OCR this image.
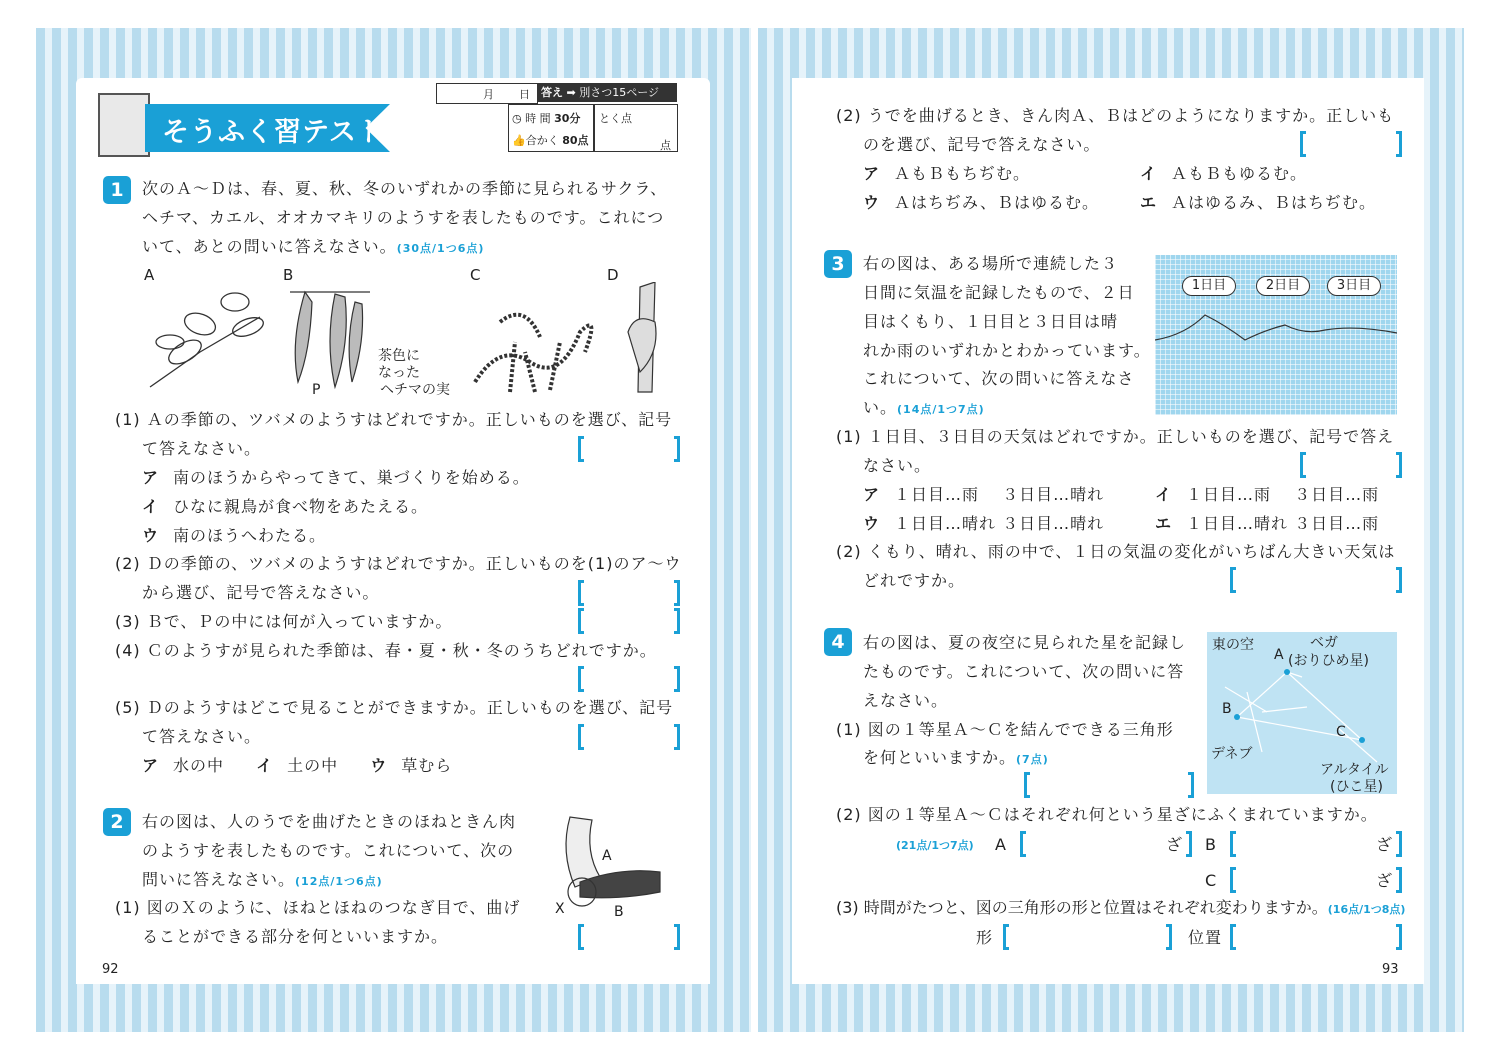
月 日	答え ➡ 別さつ15ページ
そうふく習テスト①	◷ 時 間 30分
👍合かく 80点
とく点
点
1	次のＡ～Ｄは、春、夏、秋、冬のいずれかの季節に見られるサクラ、
ヘチマ、カエル、オオカマキリのようすを表したものです。これにつ
いて、あとの問いに答えなさい。(30点/1つ6点)
A	B	C	D
茶色に
なった
ヘチマの実
P
(1) Ａの季節の、ツバメのようすはどれですか。正しいものを選び、記号
て答えなさい。
ア 南のほうからやってきて、巣づくりを始める。
イ ひなに親鳥が食べ物をあたえる。
ウ 南のほうへわたる。
(2) Ｄの季節の、ツバメのようすはどれですか。正しいものを(1)のア～ウ
から選び、記号で答えなさい。
(3) Ｂで、Ｐの中には何が入っていますか。
(4) Ｃのようすが見られた季節は、春・夏・秋・冬のうちどれですか。
(5) Ｄのようすはどこで見ることができますか。正しいものを選び、記号
て答えなさい。
ア 水の中 イ 土の中 ウ 草むら
2	右の図は、人のうでを曲げたときのほねときん肉
のようすを表したものです。これについて、次の
問いに答えなさい。(12点/1つ6点)
(1) 図のＸのように、ほねとほねのつなぎ目で、曲げ
ることができる部分を何といいますか。
A
X	B
92
(2) うでを曲げるとき、きん肉Ａ、Ｂはどのようになりますか。正しいも
のを選び、記号で答えなさい。
ア ＡもＢもちぢむ。	イ ＡもＢもゆるむ。
ウ Ａはちぢみ、Ｂはゆるむ。	エ Ａはゆるみ、Ｂはちぢむ。
3	右の図は、ある場所で連続した３
日間に気温を記録したもので、２日
目はくもり、１日目と３日目は晴
れか雨のいずれかとわかっています。
これについて、次の問いに答えなさ
い。(14点/1つ7点)
1日目	2日目	3日目
(1) １日目、３日目の天気はどれですか。正しいものを選び、記号で答え
なさい。
ア １日目…雨　 ３日目…晴れ	イ １日目…雨　 ３日目…雨
ウ １日目…晴れ ３日目…晴れ	エ １日目…晴れ ３日目…雨
(2) くもり、晴れ、雨の中で、１日の気温の変化がいちばん大きい天気は
どれですか。
4	右の図は、夏の夜空に見られた星を記録し
たものです。これについて、次の問いに答
えなさい。
(1) 図の１等星Ａ～Ｃを結んでできる三角形
を何といいますか。(7点)
東の空	ベガ
(おりひめ星)
A
B
C
デネブ
アルタイル
(ひこ星)
(2) 図の１等星Ａ～Ｃはそれぞれ何という星ざにふくまれていますか。
(21点/1つ7点) A	ざ B	ざ
C	ざ
(3) 時間がたつと、図の三角形の形と位置はそれぞれ変わりますか。(16点/1つ8点)
形	位置
93
